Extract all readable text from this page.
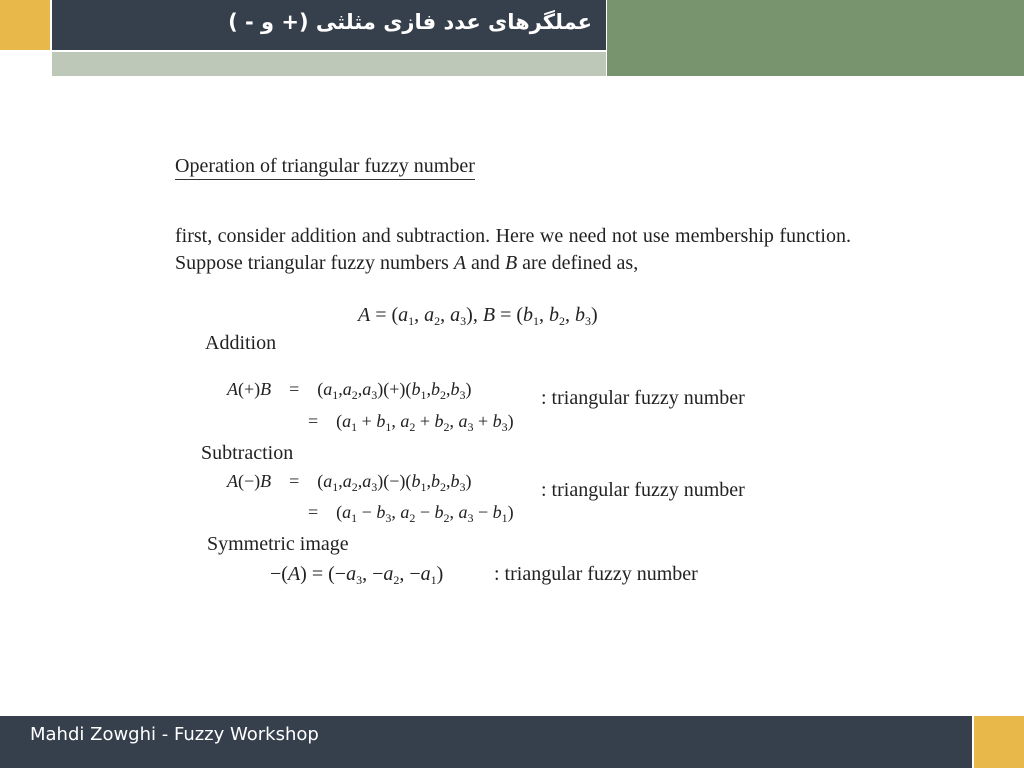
عملگرهای عدد فازی مثلثی (+ و - )
Operation of triangular fuzzy number
first, consider addition and subtraction. Here we need not use membership function. Suppose triangular fuzzy numbers A and B are defined as,
$A = (a_1$, $a_2$, $a_3$), $B = (b_1$, $b_2$, $b_3$)
Addition
A(+)B    =    $(a_1,a_2,a_3)(+)(b_1,b_2,b_3)$	: triangular fuzzy number
=    ($a_1 + b_1$, $a_2 + b_2$, $a_3 + b_3$)
Subtraction
A(−)B    =    $(a_1,a_2,a_3)(-)(b_1,b_2,b_3)$	: triangular fuzzy number
=    ($a_1 - b_3$, $a_2 - b_2$, $a_3 - b_1$)
Symmetric image
$-(A) = (-a_3$, $-a_2$, $-a_1$)	: triangular fuzzy number
Mahdi Zowghi - Fuzzy Workshop
